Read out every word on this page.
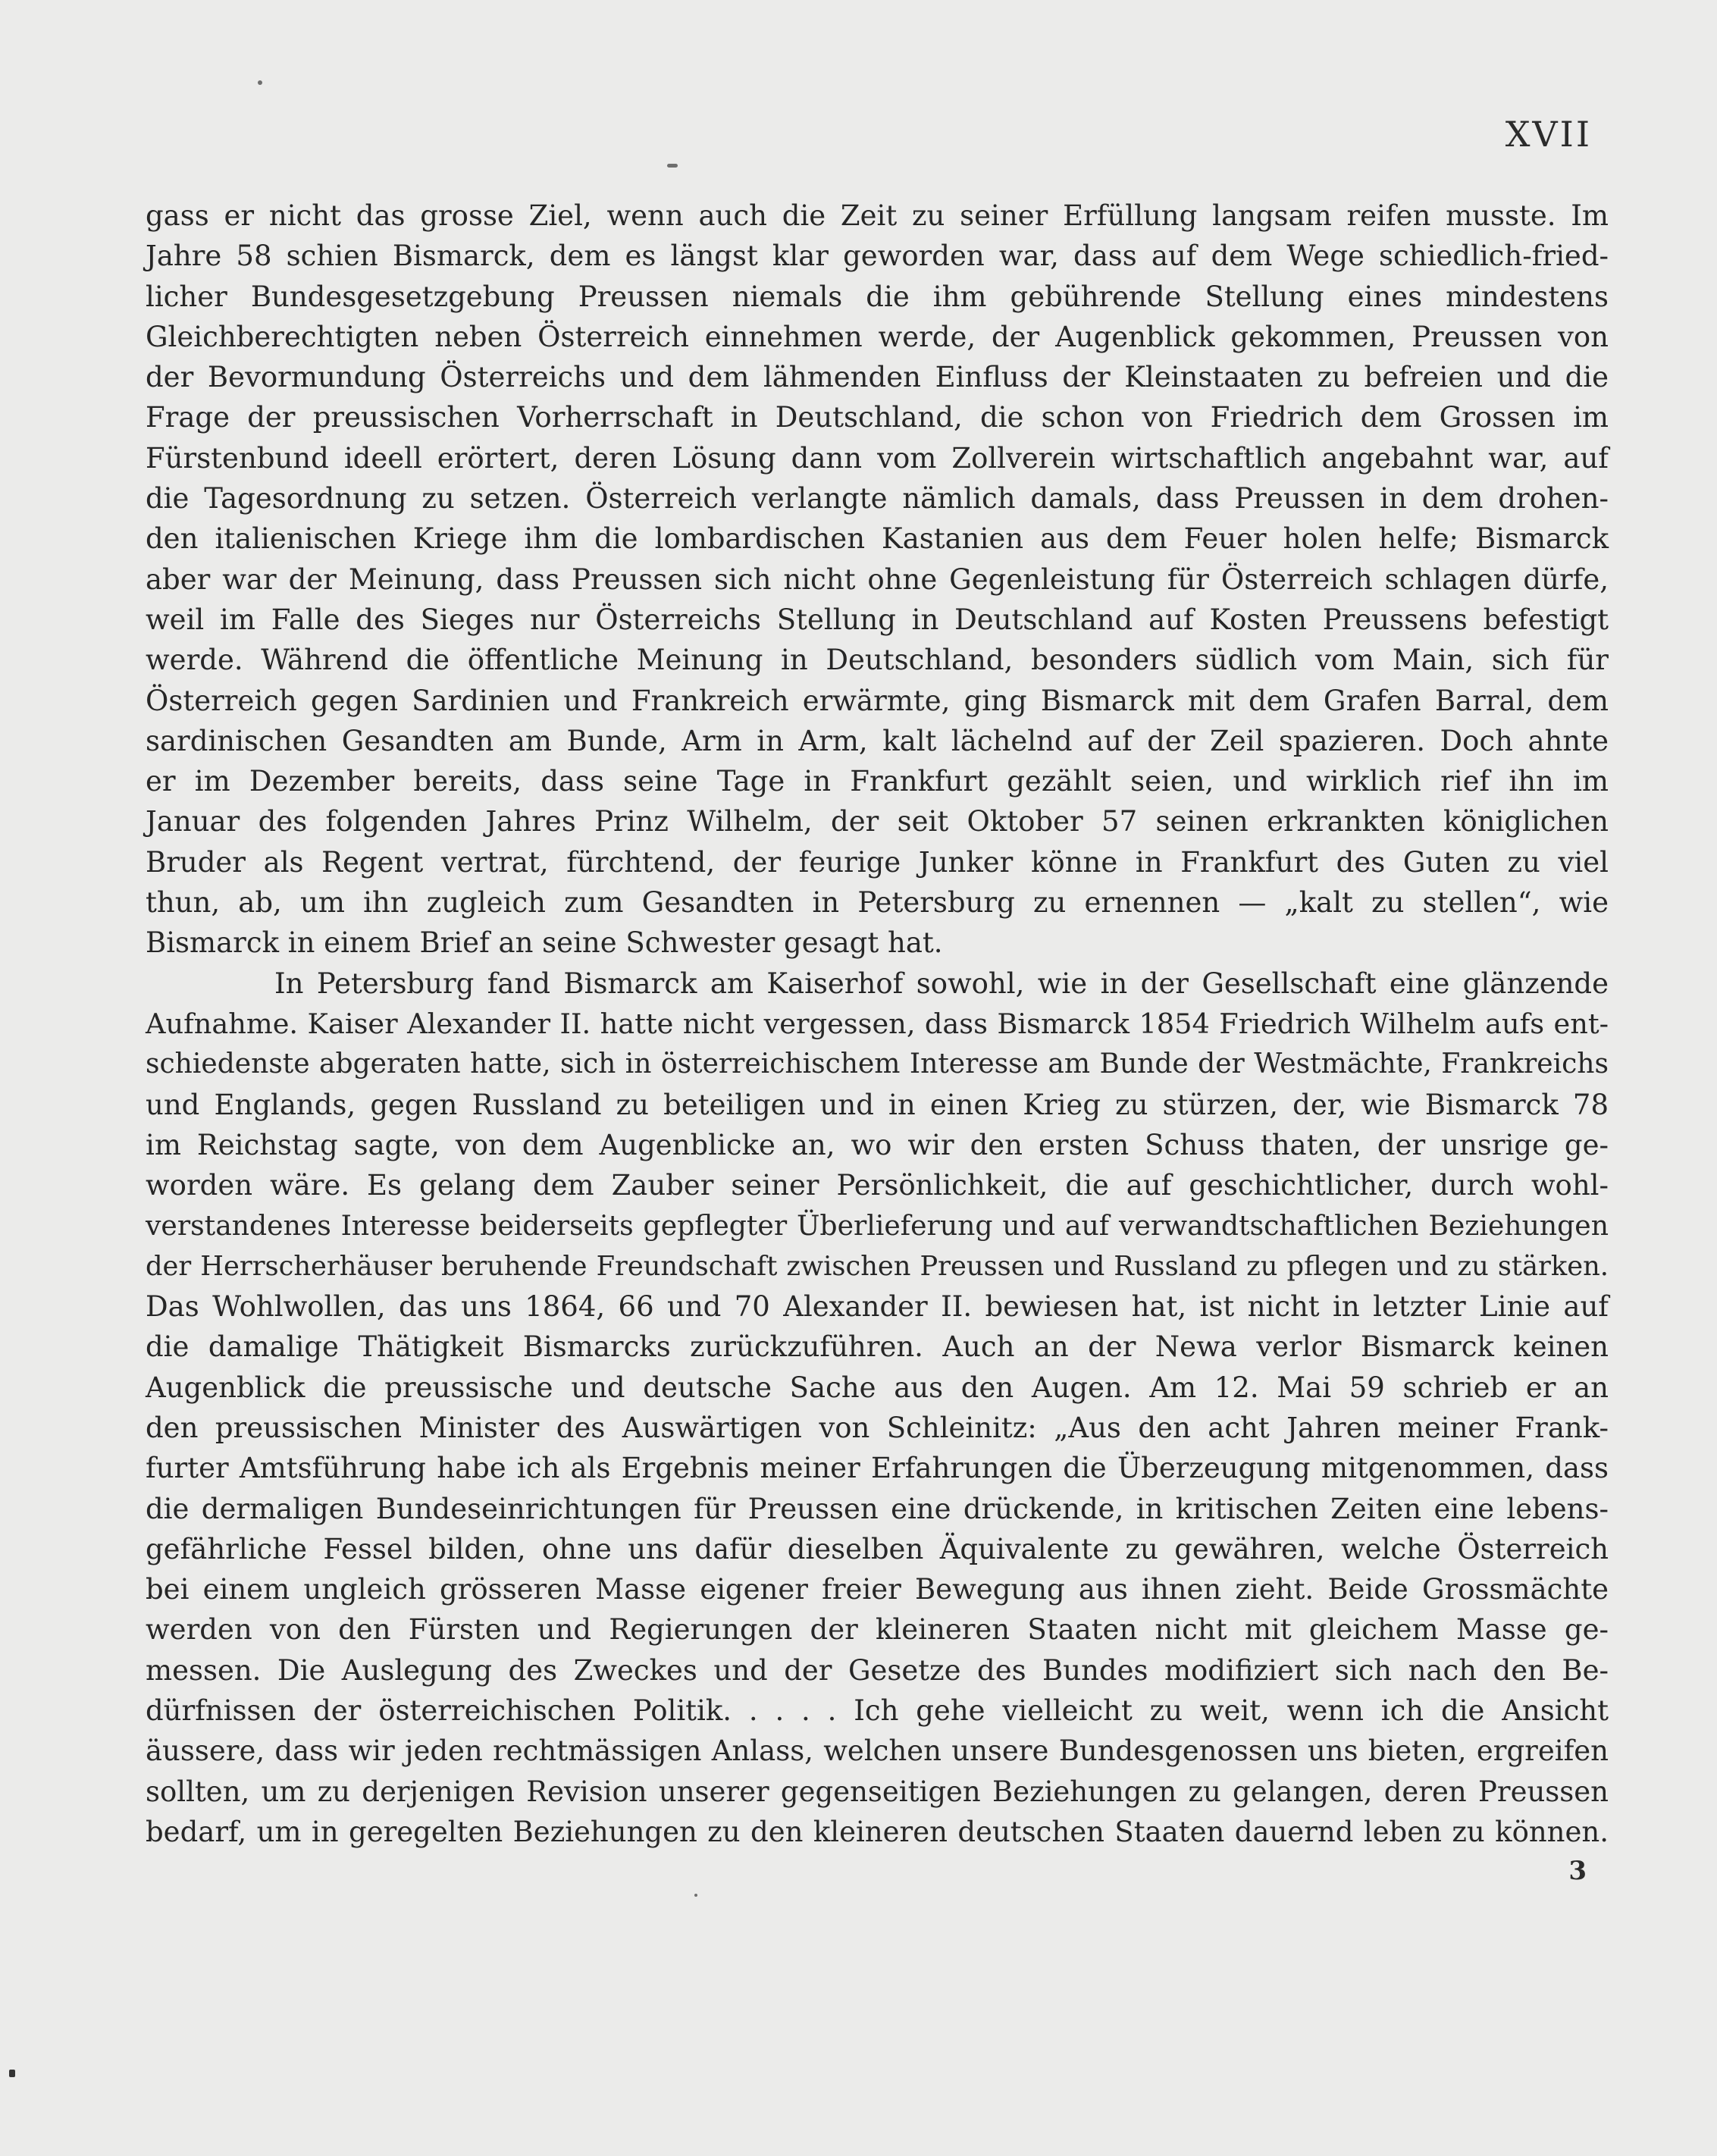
XVII
gass er nicht das grosse Ziel, wenn auch die Zeit zu seiner Erfüllung langsam reifen musste. Im
Jahre 58 schien Bismarck, dem es längst klar geworden war, dass auf dem Wege schiedlich-fried-
licher Bundesgesetzgebung Preussen niemals die ihm gebührende Stellung eines mindestens
Gleichberechtigten neben Österreich einnehmen werde, der Augenblick gekommen, Preussen von
der Bevormundung Österreichs und dem lähmenden Einfluss der Kleinstaaten zu befreien und die
Frage der preussischen Vorherrschaft in Deutschland, die schon von Friedrich dem Grossen im
Fürstenbund ideell erörtert, deren Lösung dann vom Zollverein wirtschaftlich angebahnt war, auf
die Tagesordnung zu setzen. Österreich verlangte nämlich damals, dass Preussen in dem drohen-
den italienischen Kriege ihm die lombardischen Kastanien aus dem Feuer holen helfe; Bismarck
aber war der Meinung, dass Preussen sich nicht ohne Gegenleistung für Österreich schlagen dürfe,
weil im Falle des Sieges nur Österreichs Stellung in Deutschland auf Kosten Preussens befestigt
werde. Während die öffentliche Meinung in Deutschland, besonders südlich vom Main, sich für
Österreich gegen Sardinien und Frankreich erwärmte, ging Bismarck mit dem Grafen Barral, dem
sardinischen Gesandten am Bunde, Arm in Arm, kalt lächelnd auf der Zeil spazieren. Doch ahnte
er im Dezember bereits, dass seine Tage in Frankfurt gezählt seien, und wirklich rief ihn im
Januar des folgenden Jahres Prinz Wilhelm, der seit Oktober 57 seinen erkrankten königlichen
Bruder als Regent vertrat, fürchtend, der feurige Junker könne in Frankfurt des Guten zu viel
thun, ab, um ihn zugleich zum Gesandten in Petersburg zu ernennen — „kalt zu stellen“, wie
Bismarck in einem Brief an seine Schwester gesagt hat.
In Petersburg fand Bismarck am Kaiserhof sowohl, wie in der Gesellschaft eine glänzende
Aufnahme. Kaiser Alexander II. hatte nicht vergessen, dass Bismarck 1854 Friedrich Wilhelm aufs ent-
schiedenste abgeraten hatte, sich in österreichischem Interesse am Bunde der Westmächte, Frankreichs
und Englands, gegen Russland zu beteiligen und in einen Krieg zu stürzen, der, wie Bismarck 78
im Reichstag sagte, von dem Augenblicke an, wo wir den ersten Schuss thaten, der unsrige ge-
worden wäre. Es gelang dem Zauber seiner Persönlichkeit, die auf geschichtlicher, durch wohl-
verstandenes Interesse beiderseits gepflegter Überlieferung und auf verwandtschaftlichen Beziehungen
der Herrscherhäuser beruhende Freundschaft zwischen Preussen und Russland zu pflegen und zu stärken.
Das Wohlwollen, das uns 1864, 66 und 70 Alexander II. bewiesen hat, ist nicht in letzter Linie auf
die damalige Thätigkeit Bismarcks zurückzuführen. Auch an der Newa verlor Bismarck keinen
Augenblick die preussische und deutsche Sache aus den Augen. Am 12. Mai 59 schrieb er an
den preussischen Minister des Auswärtigen von Schleinitz: „Aus den acht Jahren meiner Frank-
furter Amtsführung habe ich als Ergebnis meiner Erfahrungen die Überzeugung mitgenommen, dass
die dermaligen Bundeseinrichtungen für Preussen eine drückende, in kritischen Zeiten eine lebens-
gefährliche Fessel bilden, ohne uns dafür dieselben Äquivalente zu gewähren, welche Österreich
bei einem ungleich grösseren Masse eigener freier Bewegung aus ihnen zieht. Beide Grossmächte
werden von den Fürsten und Regierungen der kleineren Staaten nicht mit gleichem Masse ge-
messen. Die Auslegung des Zweckes und der Gesetze des Bundes modifiziert sich nach den Be-
dürfnissen der österreichischen Politik. . . . . Ich gehe vielleicht zu weit, wenn ich die Ansicht
äussere, dass wir jeden rechtmässigen Anlass, welchen unsere Bundesgenossen uns bieten, ergreifen
sollten, um zu derjenigen Revision unserer gegenseitigen Beziehungen zu gelangen, deren Preussen
bedarf, um in geregelten Beziehungen zu den kleineren deutschen Staaten dauernd leben zu können.
3
